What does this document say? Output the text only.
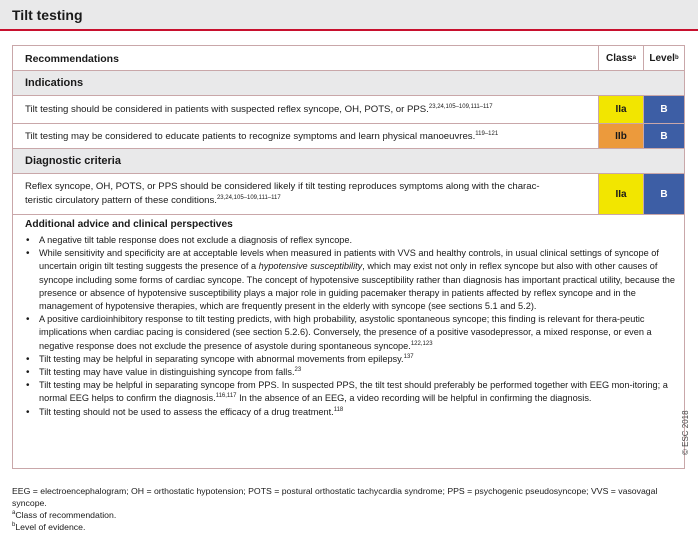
Tilt testing
Recommendations	Class a Level b
Indications
Tilt testing should be considered in patients with suspected reflex syncope, OH, POTS, or PPS.$^{23,24,105-109,111-117}$	IIa	B
Tilt testing may be considered to educate patients to recognize symptoms and learn physical manoeuvres.$^{119-121}$	IIb	B
Diagnostic criteria
Reflex syncope, OH, POTS, or PPS should be considered likely if tilt testing reproduces symptoms along with the charac-
teristic circulatory pattern of these conditions.$^{23,24,105-109,111-117}$	IIa	B
Additional advice and clinical perspectives
• A negative tilt table response does not exclude a diagnosis of reflex syncope.
• While sensitivity and specificity are at acceptable levels when measured in patients with VVS and healthy controls, in usual clinical settings of syncope of uncertain origin tilt testing suggests the presence of a hypotensive susceptibility, which may exist not only in reflex syncope but also with other causes of syncope including some forms of cardiac syncope. The concept of hypotensive susceptibility rather than diagnosis has important practical utility, because the presence or absence of hypotensive susceptibility plays a major role in guiding pacemaker therapy in patients affected by reflex syncope and in the management of hypotensive therapies, which are frequently present in the elderly with syncope (see sections 5.1 and 5.2).
• A positive cardioinhibitory response to tilt testing predicts, with high probability, asystolic spontaneous syncope; this finding is relevant for thera-peutic implications when cardiac pacing is considered (see section 5.2.6). Conversely, the presence of a positive vasodepressor, a mixed response, or even a negative response does not exclude the presence of asystole during spontaneous syncope.$^{122,123}$
• Tilt testing may be helpful in separating syncope with abnormal movements from epilepsy.$^{137}$
• Tilt testing may have value in distinguishing syncope from falls.$^{23}$
• Tilt testing may be helpful in separating syncope from PPS. In suspected PPS, the tilt test should preferably be performed together with EEG mon-itoring; a normal EEG helps to confirm the diagnosis.$^{116,117}$ In the absence of an EEG, a video recording will be helpful in confirming the diagnosis.
• Tilt testing should not be used to assess the efficacy of a drug treatment.$^{118}$
© ESC 2018
EEG = electroencephalogram; OH = orthostatic hypotension; POTS = postural orthostatic tachycardia syndrome; PPS = psychogenic pseudosyncope; VVS = vasovagal syncope.
$^a$Class of recommendation.
$^b$Level of evidence.
